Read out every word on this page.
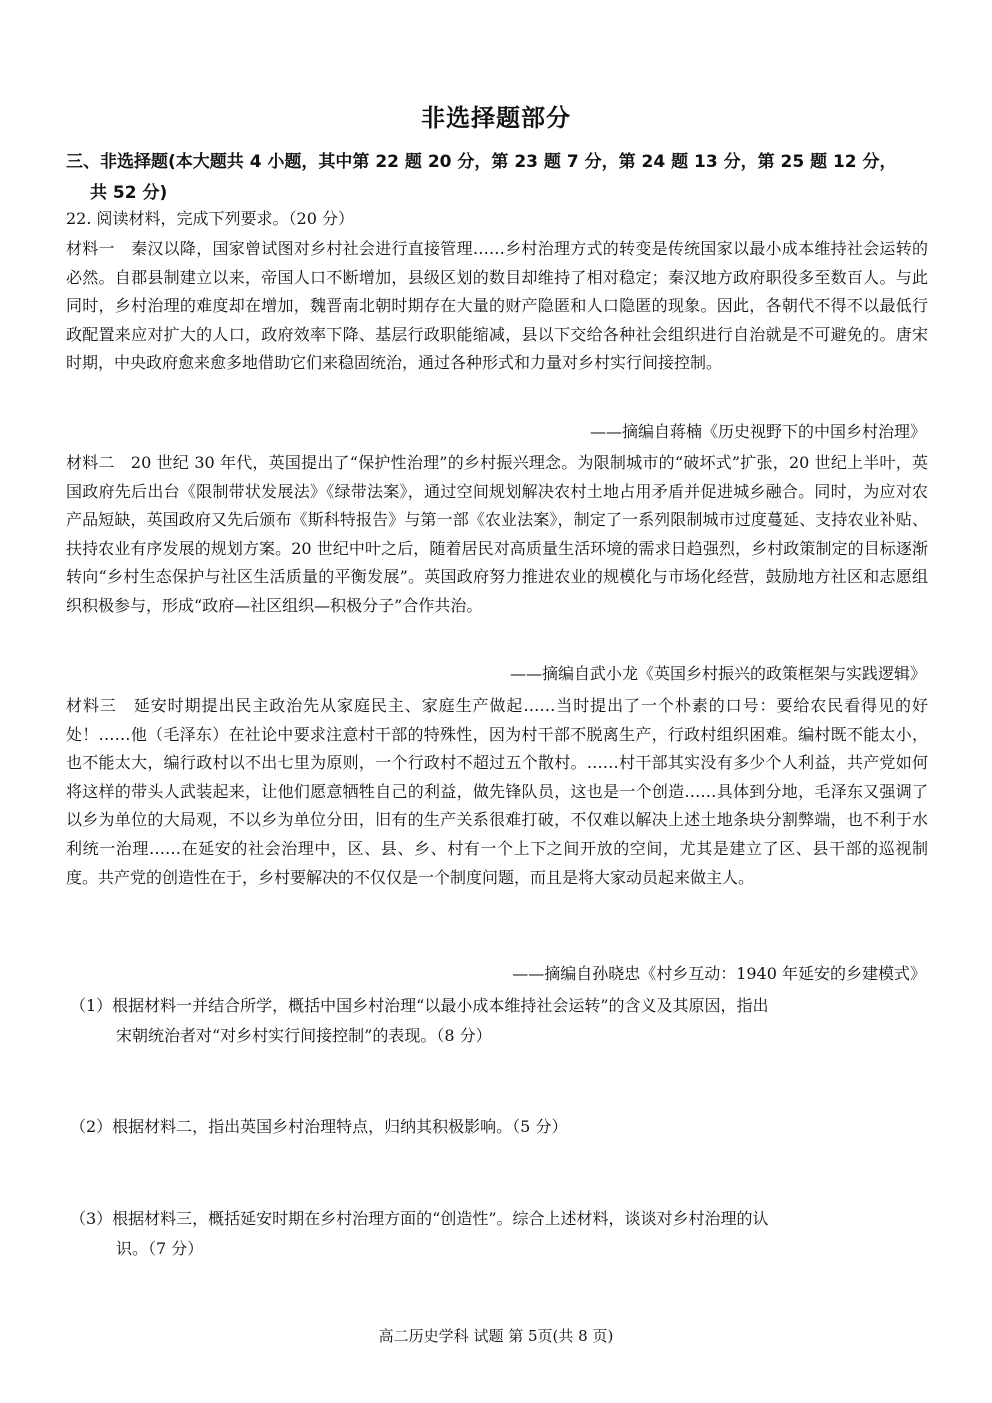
非选择题部分
三、非选择题(本大题共 4 小题，其中第 22 题 20 分，第 23 题 7 分，第 24 题 13 分，第 25 题 12 分，
共 52 分)
22. 阅读材料，完成下列要求。（20 分）
材料一　秦汉以降，国家曾试图对乡村社会进行直接管理……乡村治理方式的转变是传统国家以最小成本维持社会运转的必然。自郡县制建立以来，帝国人口不断增加，县级区划的数目却维持了相对稳定；秦汉地方政府职役多至数百人。与此同时，乡村治理的难度却在增加，魏晋南北朝时期存在大量的财产隐匿和人口隐匿的现象。因此，各朝代不得不以最低行政配置来应对扩大的人口，政府效率下降、基层行政职能缩减，县以下交给各种社会组织进行自治就是不可避免的。唐宋时期，中央政府愈来愈多地借助它们来稳固统治，通过各种形式和力量对乡村实行间接控制。
——摘编自蒋楠《历史视野下的中国乡村治理》
材料二　20 世纪 30 年代，英国提出了“保护性治理”的乡村振兴理念。为限制城市的“破坏式”扩张，20 世纪上半叶，英国政府先后出台《限制带状发展法》《绿带法案》，通过空间规划解决农村土地占用矛盾并促进城乡融合。同时，为应对农产品短缺，英国政府又先后颁布《斯科特报告》与第一部《农业法案》，制定了一系列限制城市过度蔓延、支持农业补贴、扶持农业有序发展的规划方案。20 世纪中叶之后，随着居民对高质量生活环境的需求日趋强烈，乡村政策制定的目标逐渐转向“乡村生态保护与社区生活质量的平衡发展”。英国政府努力推进农业的规模化与市场化经营，鼓励地方社区和志愿组织积极参与，形成“政府—社区组织—积极分子”合作共治。
——摘编自武小龙《英国乡村振兴的政策框架与实践逻辑》
材料三　延安时期提出民主政治先从家庭民主、家庭生产做起……当时提出了一个朴素的口号：要给农民看得见的好处！……他（毛泽东）在社论中要求注意村干部的特殊性，因为村干部不脱离生产，行政村组织困难。编村既不能太小，也不能太大，编行政村以不出七里为原则，一个行政村不超过五个散村。……村干部其实没有多少个人利益，共产党如何将这样的带头人武装起来，让他们愿意牺牲自己的利益，做先锋队员，这也是一个创造……具体到分地，毛泽东又强调了以乡为单位的大局观，不以乡为单位分田，旧有的生产关系很难打破，不仅难以解决上述土地条块分割弊端，也不利于水利统一治理……在延安的社会治理中，区、县、乡、村有一个上下之间开放的空间，尤其是建立了区、县干部的巡视制度。共产党的创造性在于，乡村要解决的不仅仅是一个制度问题，而且是将大家动员起来做主人。
——摘编自孙晓忠《村乡互动：1940 年延安的乡建模式》
（1）根据材料一并结合所学，概括中国乡村治理“以最小成本维持社会运转”的含义及其原因，指出
宋朝统治者对“对乡村实行间接控制”的表现。（8 分）
（2）根据材料二，指出英国乡村治理特点，归纳其积极影响。（5 分）
（3）根据材料三，概括延安时期在乡村治理方面的“创造性”。综合上述材料，谈谈对乡村治理的认
识。（7 分）
高二历史学科 试题 第 5页(共 8 页)
